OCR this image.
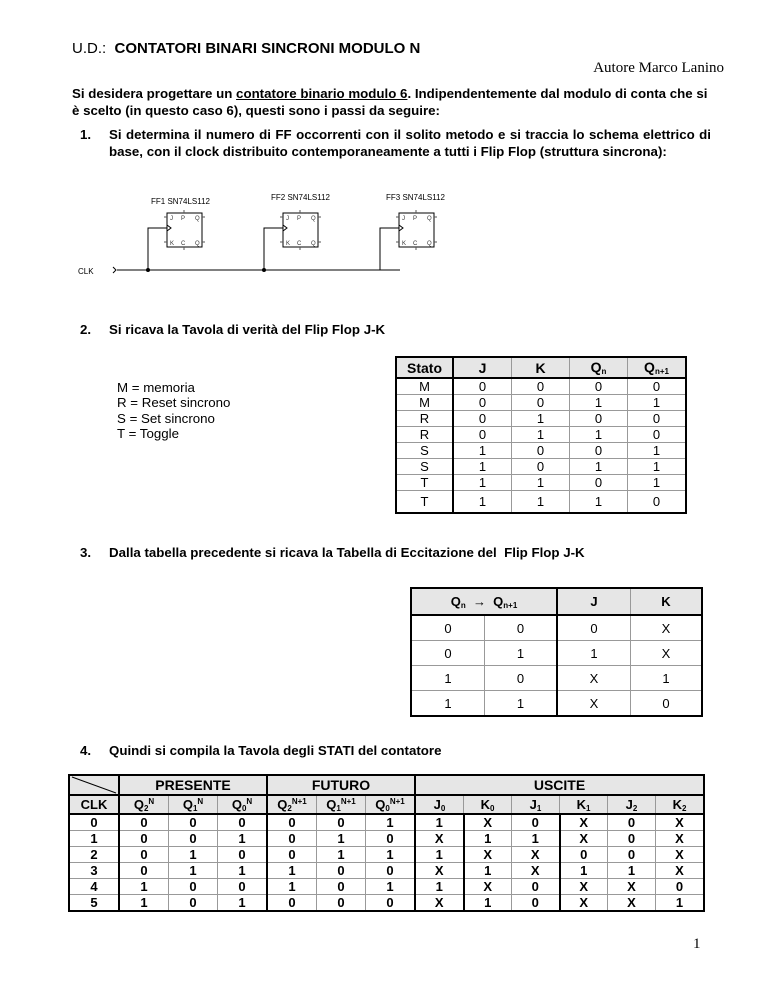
U.D.: CONTATORI BINARI SINCRONI MODULO N
Autore Marco Lanino
Si desidera progettare un contatore binario modulo 6. Indipendentemente dal modulo di conta che si è scelto (in questo caso 6), questi sono i passi da seguire:
1. Si determina il numero di FF occorrenti con il solito metodo e si traccia lo schema elettrico di base, con il clock distribuito contemporaneamente a tutti i Flip Flop (struttura sincrona):
FF1 SN74LS112	FF2 SN74LS112	FF3 SN74LS112
CLK
J P Q
K C Q
J P Q
K C Q
J P Q
K C Q
2. Si ricava la Tavola di verità del Flip Flop J-K
M = memoria
R = Reset sincrono
S = Set sincrono
T = Toggle
Stato	J	K	$Q_n$	$Q_{n+1}$
M	0	0	0	0
M	0	0	1	1
R	0	1	0	0
R	0	1	1	0
S	1	0	0	1
S	1	0	1	1
T	1	1	0	1
T	1	1	1	0
3. Dalla tabella precedente si ricava la Tabella di Eccitazione del  Flip Flop J-K
$Q_n \to Q_{n+1}$		J	K
0	0	0	X
0	1	1	X
1	0	X	1
1	1	X	0
4. Quindi si compila la Tavola degli STATI del contatore
	PRESENTE			FUTURO			USCITE					
CLK	$Q_2^N$	$Q_1^N$	$Q_0^N$	$Q_2^{N+1}$	$Q_1^{N+1}$	$Q_0^{N+1}$	$J_0$	$K_0$	$J_1$	$K_1$	$J_2$	$K_2$
0	0	0	0	0	0	1	1	X	0	X	0	X
1	0	0	1	0	1	0	X	1	1	X	0	X
2	0	1	0	0	1	1	1	X	X	0	0	X
3	0	1	1	1	0	0	X	1	X	1	1	X
4	1	0	0	1	0	1	1	X	0	X	X	0
5	1	0	1	0	0	0	X	1	0	X	X	1
1
